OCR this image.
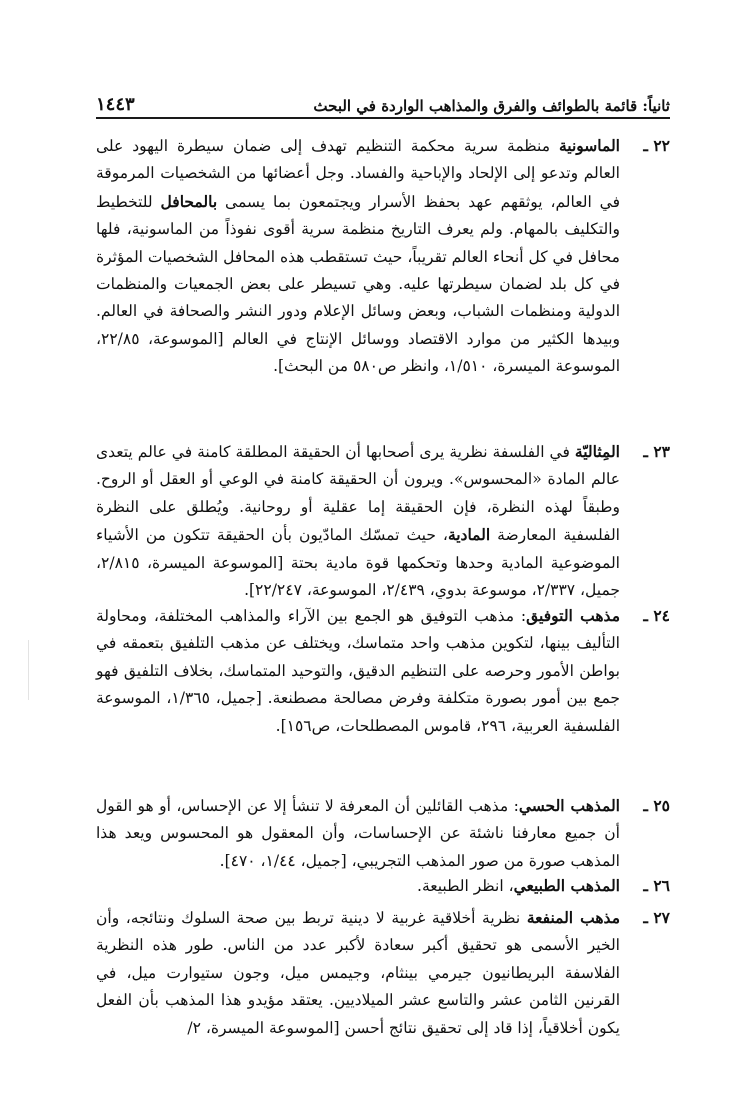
ثانياً: قائمة بالطوائف والفرق والمذاهب الواردة في البحث
١٤٤٣
٢٢ ـ
الماسونية منظمة سرية محكمة التنظيم تهدف إلى ضمان سيطرة اليهود على العالم وتدعو إلى الإلحاد والإباحية والفساد. وجل أعضائها من الشخصيات المرموقة في العالم، يوثقهم عهد بحفظ الأسرار ويجتمعون بما يسمى بالمحافل للتخطيط والتكليف بالمهام. ولم يعرف التاريخ منظمة سرية أقوى نفوذاً من الماسونية، فلها محافل في كل أنحاء العالم تقريباً، حيث تستقطب هذه المحافل الشخصيات المؤثرة في كل بلد لضمان سيطرتها عليه. وهي تسيطر على بعض الجمعيات والمنظمات الدولية ومنظمات الشباب، وبعض وسائل الإعلام ودور النشر والصحافة في العالم. وبيدها الكثير من موارد الاقتصاد ووسائل الإنتاج في العالم [الموسوعة، ٢٢/٨٥، الموسوعة الميسرة، ١/٥١٠، وانظر ص٥٨٠ من البحث].
٢٣ ـ
المِثاليّة في الفلسفة نظرية يرى أصحابها أن الحقيقة المطلقة كامنة في عالم يتعدى عالم المادة «المحسوس». ويرون أن الحقيقة كامنة في الوعي أو العقل أو الروح. وطبقاً لهذه النظرة، فإن الحقيقة إما عقلية أو روحانية. ويُطلق على النظرة الفلسفية المعارضة المادية، حيث تمسّك المادّيون بأن الحقيقة تتكون من الأشياء الموضوعية المادية وحدها وتحكمها قوة مادية بحتة [الموسوعة الميسرة، ٢/٨١٥، جميل، ٢/٣٣٧، موسوعة بدوي، ٢/٤٣٩، الموسوعة، ٢٢/٢٤٧].
٢٤ ـ
مذهب التوفيق: مذهب التوفيق هو الجمع بين الآراء والمذاهب المختلفة، ومحاولة التأليف بينها، لتكوين مذهب واحد متماسك، ويختلف عن مذهب التلفيق بتعمقه في بواطن الأمور وحرصه على التنظيم الدقيق، والتوحيد المتماسك، بخلاف التلفيق فهو جمع بين أمور بصورة متكلفة وفرض مصالحة مصطنعة. [جميل، ١/٣٦٥، الموسوعة الفلسفية العربية، ٢٩٦، قاموس المصطلحات، ص١٥٦].
٢٥ ـ
المذهب الحسي: مذهب القائلين أن المعرفة لا تنشأ إلا عن الإحساس، أو هو القول أن جميع معارفنا ناشئة عن الإحساسات، وأن المعقول هو المحسوس ويعد هذا المذهب صورة من صور المذهب التجريبي، [جميل، ١/٤٤، ٤٧٠].
٢٦ ـ
المذهب الطبيعي، انظر الطبيعة.
٢٧ ـ
مذهب المنفعة نظرية أخلاقية غربية لا دينية تربط بين صحة السلوك ونتائجه، وأن الخير الأسمى هو تحقيق أكبر سعادة لأكبر عدد من الناس. طور هذه النظرية الفلاسفة البريطانيون جيرمي بينثام، وجيمس ميل، وجون ستيوارت ميل، في القرنين الثامن عشر والتاسع عشر الميلاديين. يعتقد مؤيدو هذا المذهب بأن الفعل يكون أخلاقياً، إذا قاد إلى تحقيق نتائج أحسن [الموسوعة الميسرة، ٢/
